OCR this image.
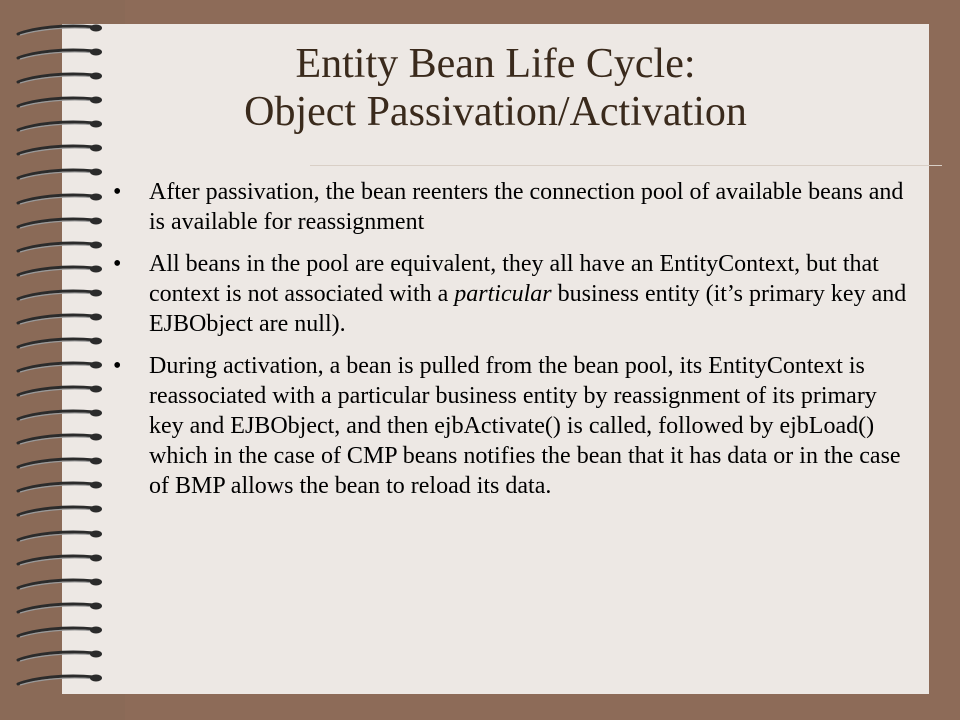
Entity Bean Life Cycle:
Object Passivation/Activation
• After passivation, the bean reenters the connection pool of available beans and is available for reassignment
• All beans in the pool are equivalent, they all have an EntityContext, but that context is not associated with a particular business entity (it’s primary key and EJBObject are null).
• During activation, a bean is pulled from the bean pool, its EntityContext is reassociated with a particular business entity by reassignment of its primary key and EJBObject, and then ejbActivate() is called, followed by ejbLoad() which in the case of CMP beans notifies the bean that it has data or in the case of BMP allows the bean to reload its data.
